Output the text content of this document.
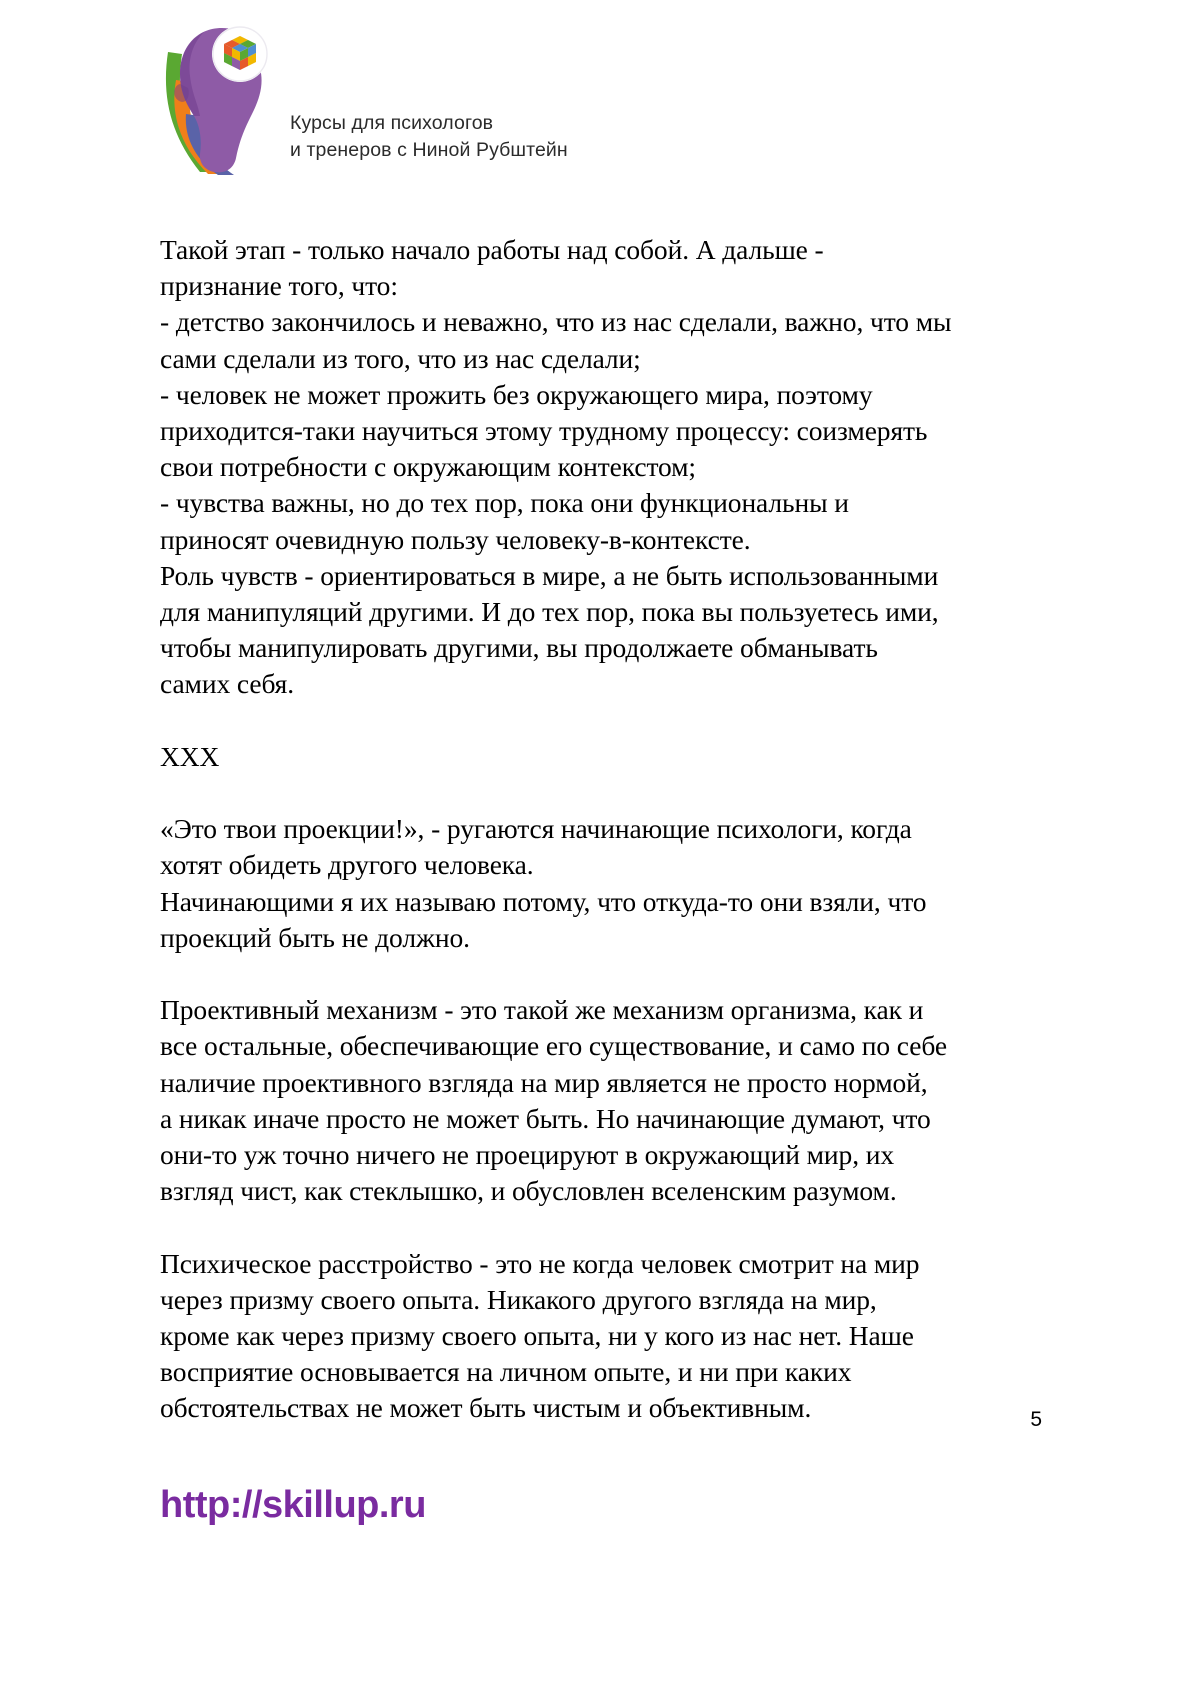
Курсы для психологов
и тренеров с Ниной Рубштейн
Такой этап - только начало работы над собой. А дальше -
признание того, что:
- детство закончилось и неважно, что из нас сделали, важно, что мы
сами сделали из того, что из нас сделали;
- человек не может прожить без окружающего мира, поэтому
приходится-таки научиться этому трудному процессу: соизмерять
свои потребности с окружающим контекстом;
- чувства важны, но до тех пор, пока они функциональны и
приносят очевидную пользу человеку-в-контексте.
Роль чувств - ориентироваться в мире, а не быть использованными
для манипуляций другими. И до тех пор, пока вы пользуетесь ими,
чтобы манипулировать другими, вы продолжаете обманывать
самих себя.
XXX
«Это твои проекции!», - ругаются начинающие психологи, когда
хотят обидеть другого человека.
Начинающими я их называю потому, что откуда-то они взяли, что
проекций быть не должно.
Проективный механизм - это такой же механизм организма, как и
все остальные, обеспечивающие его существование, и само по себе
наличие проективного взгляда на мир является не просто нормой,
а никак иначе просто не может быть. Но начинающие думают, что
они-то уж точно ничего не проецируют в окружающий мир, их
взгляд чист, как стеклышко, и обусловлен вселенским разумом.
Психическое расстройство - это не когда человек смотрит на мир
через призму своего опыта. Никакого другого взгляда на мир,
кроме как через призму своего опыта, ни у кого из нас нет. Наше
восприятие основывается на личном опыте, и ни при каких
обстоятельствах не может быть чистым и объективным.	5
http://skillup.ru
